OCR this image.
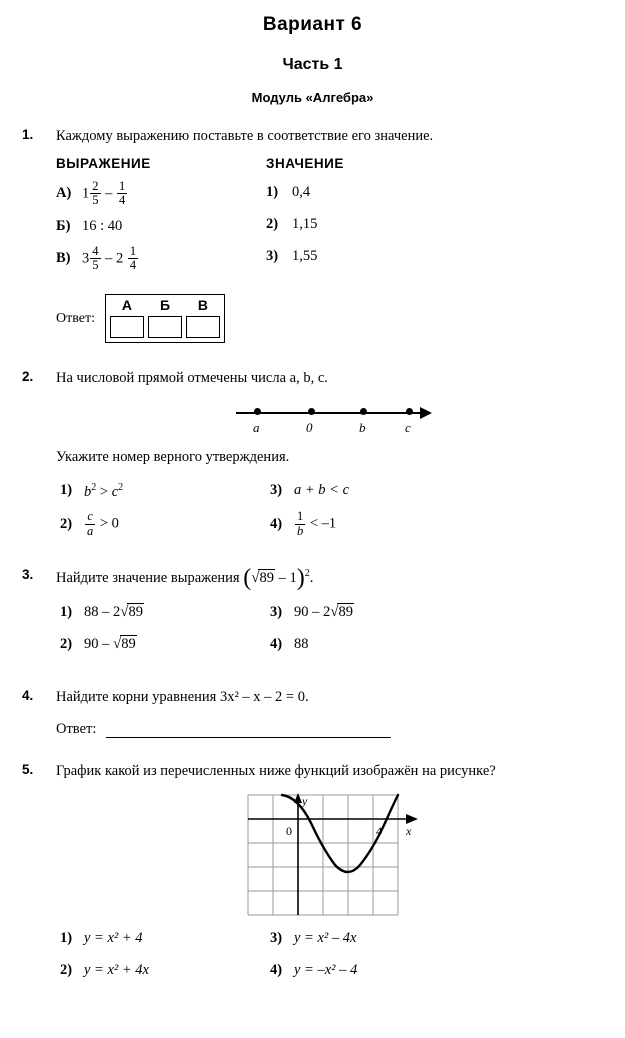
Вариант 6
Часть 1
Модуль «Алгебра»
1. Каждому выражению поставьте в соответствие его значение.
ВЫРАЖЕНИЕ
А) $1 \frac{2}{5} - \frac{1}{4}$
Б) 16 : 40
В) $3 \frac{4}{5} - 2 \frac{1}{4}$
ЗНАЧЕНИЕ
1) 0,4
2) 1,15
3) 1,55
Ответ:
А	Б	В
2. На числовой прямой отмечены числа a, b, c.
a	0	b	c
Укажите номер верного утверждения.
1) $b^2 > c^2$
2)	$\frac{c}{a} > 0$
3) a + b < c
4)	$\frac{1}{b} < -1$
3. Найдите значение выражения (√89 – 1)$^2$.
1) 88 – 2√89
2) 90 – √89
3) 90 – 2√89
4) 88
4. Найдите корни уравнения 3x² – x – 2 = 0.
Ответ:
5. График какой из перечисленных ниже функций изображён на рисунке?
0	4
y
x
1) y = x² + 4
2) y = x² + 4x
3) y = x² – 4x
4) y = –x² – 4
